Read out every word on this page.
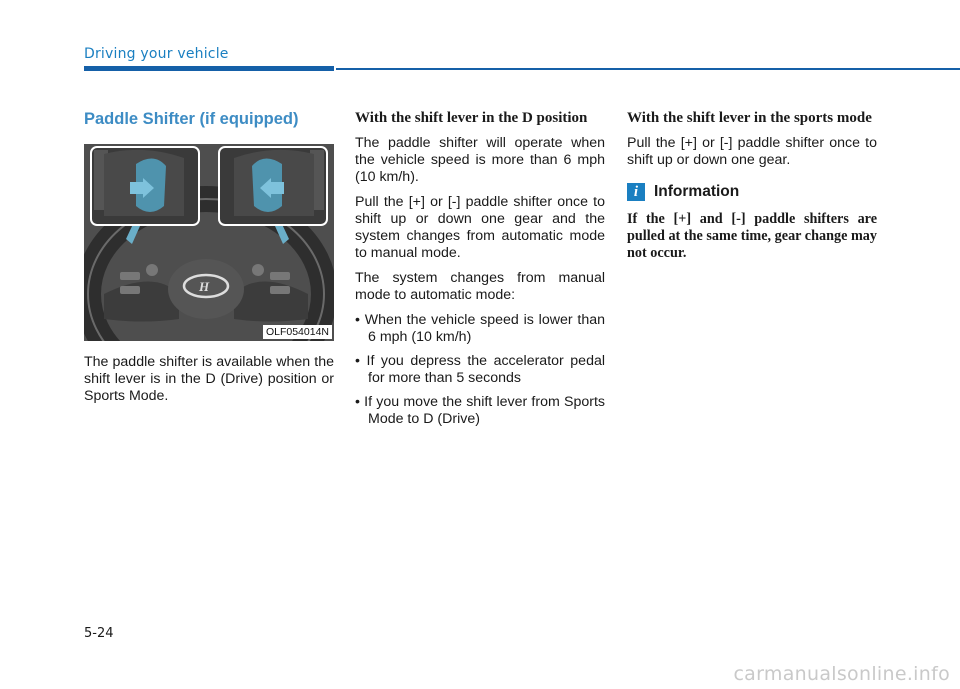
Driving your vehicle
Paddle Shifter (if equipped)
H
OLF054014N

The paddle shifter is available when the shift lever is in the D (Drive) position or Sports Mode.

With the shift lever in the D position

The paddle shifter will operate when the vehicle speed is more than 6 mph (10 km/h).

Pull the [+] or [-] paddle shifter once to shift up or down one gear and the system changes from automatic mode to manual mode.

The system changes from manual mode to automatic mode:

• When the vehicle speed is lower than 6 mph (10 km/h)
• If you depress the accelerator pedal for more than 5 seconds
• If you move the shift lever from Sports Mode to D (Drive)
With the shift lever in the sports mode

Pull the [+] or [-] paddle shifter once to shift up or down one gear.

i	Information

If the [+] and [-] paddle shifters are pulled at the same time, gear change may not occur.

5-24
carmanualsonline.info
